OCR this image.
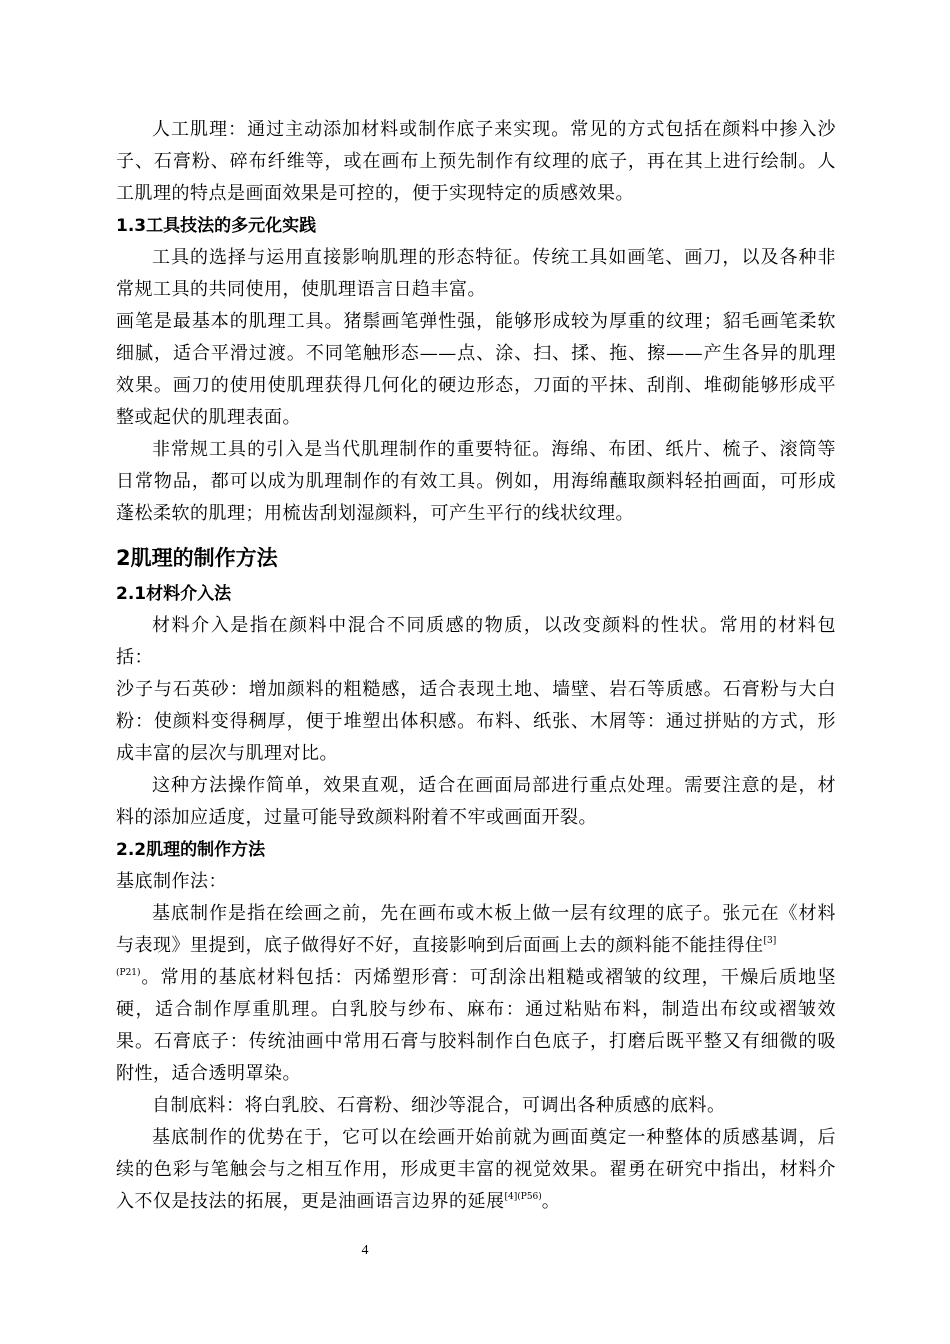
人工肌理：通过主动添加材料或制作底子来实现。常见的方式包括在颜料中掺入沙子、石膏粉、碎布纤维等，或在画布上预先制作有纹理的底子，再在其上进行绘制。人工肌理的特点是画面效果是可控的，便于实现特定的质感效果。

1.3工具技法的多元化实践

工具的选择与运用直接影响肌理的形态特征。传统工具如画笔、画刀，以及各种非常规工具的共同使用，使肌理语言日趋丰富。

画笔是最基本的肌理工具。猪鬃画笔弹性强，能够形成较为厚重的纹理；貂毛画笔柔软细腻，适合平滑过渡。不同笔触形态——点、涂、扫、揉、拖、擦——产生各异的肌理效果。画刀的使用使肌理获得几何化的硬边形态，刀面的平抹、刮削、堆砌能够形成平整或起伏的肌理表面。

非常规工具的引入是当代肌理制作的重要特征。海绵、布团、纸片、梳子、滚筒等日常物品，都可以成为肌理制作的有效工具。例如，用海绵蘸取颜料轻拍画面，可形成蓬松柔软的肌理；用梳齿刮划湿颜料，可产生平行的线状纹理。

2肌理的制作方法
2.1材料介入法

材料介入是指在颜料中混合不同质感的物质，以改变颜料的性状。常用的材料包括：

沙子与石英砂：增加颜料的粗糙感，适合表现土地、墙壁、岩石等质感。石膏粉与大白粉：使颜料变得稠厚，便于堆塑出体积感。布料、纸张、木屑等：通过拼贴的方式，形成丰富的层次与肌理对比。

这种方法操作简单，效果直观，适合在画面局部进行重点处理。需要注意的是，材料的添加应适度，过量可能导致颜料附着不牢或画面开裂。

2.2肌理的制作方法

基底制作法：

基底制作是指在绘画之前，先在画布或木板上做一层有纹理的底子。张元在《材料与表现》里提到，底子做得好不好，直接影响到后面画上去的颜料能不能挂得住[3]
$^{(P21)}$。常用的基底材料包括：丙烯塑形膏：可刮涂出粗糙或褶皱的纹理，干燥后质地坚硬，适合制作厚重肌理。白乳胶与纱布、麻布：通过粘贴布料，制造出布纹或褶皱效果。石膏底子：传统油画中常用石膏与胶料制作白色底子，打磨后既平整又有细微的吸附性，适合透明罩染。

自制底料：将白乳胶、石膏粉、细沙等混合，可调出各种质感的底料。

基底制作的优势在于，它可以在绘画开始前就为画面奠定一种整体的质感基调，后续的色彩与笔触会与之相互作用，形成更丰富的视觉效果。翟勇在研究中指出，材料介入不仅是技法的拓展，更是油画语言边界的延展$^{[4](P56)}$。

4
